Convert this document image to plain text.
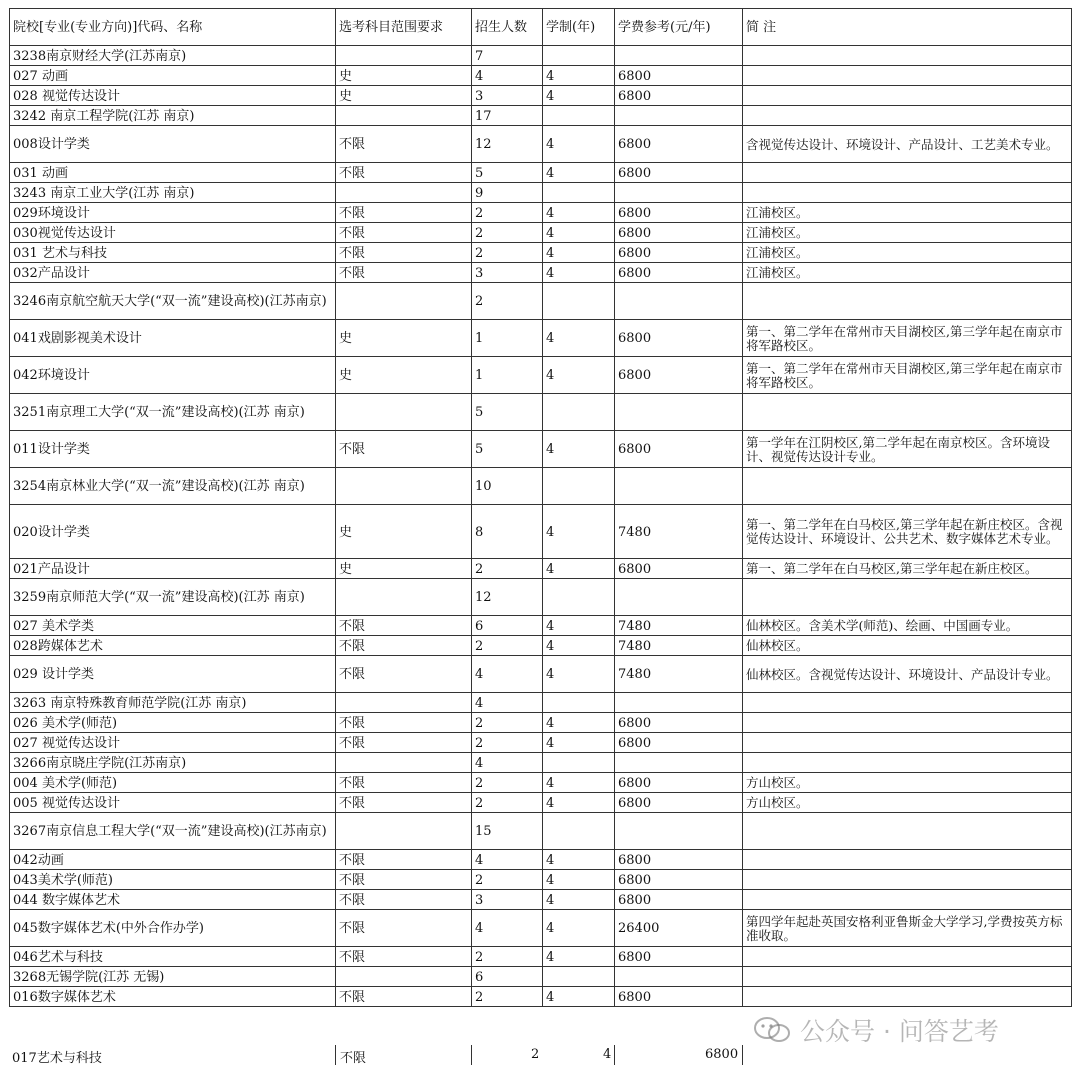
院校[专业(专业方向)]代码、名称	选考科目范围要求	招生人数	学制(年)	学费参考(元/年)	简 注
3238南京财经大学(江苏南京)		7			
027 动画	史	4	4	6800	
028 视觉传达设计	史	3	4	6800	
3242 南京工程学院(江苏 南京)		17			
008设计学类	不限	12	4	6800	含视觉传达设计、环境设计、产品设计、工艺美术专业。
031 动画	不限	5	4	6800	
3243 南京工业大学(江苏 南京)		9			
029环境设计	不限	2	4	6800	江浦校区。
030视觉传达设计	不限	2	4	6800	江浦校区。
031 艺术与科技	不限	2	4	6800	江浦校区。
032产品设计	不限	3	4	6800	江浦校区。
3246南京航空航天大学(“双一流”建设高校)(江苏南京)		2			
041戏剧影视美术设计	史	1	4	6800	第一、第二学年在常州市天目湖校区,第三学年起在南京市将军路校区。
042环境设计	史	1	4	6800	第一、第二学年在常州市天目湖校区,第三学年起在南京市将军路校区。
3251南京理工大学(“双一流”建设高校)(江苏 南京)		5			
011设计学类	不限	5	4	6800	第一学年在江阴校区,第二学年起在南京校区。含环境设计、视觉传达设计专业。
3254南京林业大学(“双一流”建设高校)(江苏 南京)		10			
020设计学类	史	8	4	7480	第一、第二学年在白马校区,第三学年起在新庄校区。含视觉传达设计、环境设计、公共艺术、数字媒体艺术专业。
021产品设计	史	2	4	6800	第一、第二学年在白马校区,第三学年起在新庄校区。
3259南京师范大学(“双一流”建设高校)(江苏 南京)		12			
027 美术学类	不限	6	4	7480	仙林校区。含美术学(师范)、绘画、中国画专业。
028跨媒体艺术	不限	2	4	7480	仙林校区。
029 设计学类	不限	4	4	7480	仙林校区。含视觉传达设计、环境设计、产品设计专业。
3263 南京特殊教育师范学院(江苏 南京)		4			
026 美术学(师范)	不限	2	4	6800	
027 视觉传达设计	不限	2	4	6800	
3266南京晓庄学院(江苏南京)		4			
004 美术学(师范)	不限	2	4	6800	方山校区。
005 视觉传达设计	不限	2	4	6800	方山校区。
3267南京信息工程大学(“双一流”建设高校)(江苏南京)		15			
042动画	不限	4	4	6800	
043美术学(师范)	不限	2	4	6800	
044 数字媒体艺术	不限	3	4	6800	
045数字媒体艺术(中外合作办学)	不限	4	4	26400	第四学年起赴英国安格利亚鲁斯金大学学习,学费按英方标准收取。
046艺术与科技	不限	2	4	6800	
3268无锡学院(江苏 无锡)		6			
016数字媒体艺术	不限	2	4	6800	
017艺术与科技	不限	2	4	6800
公众号 · 问答艺考
